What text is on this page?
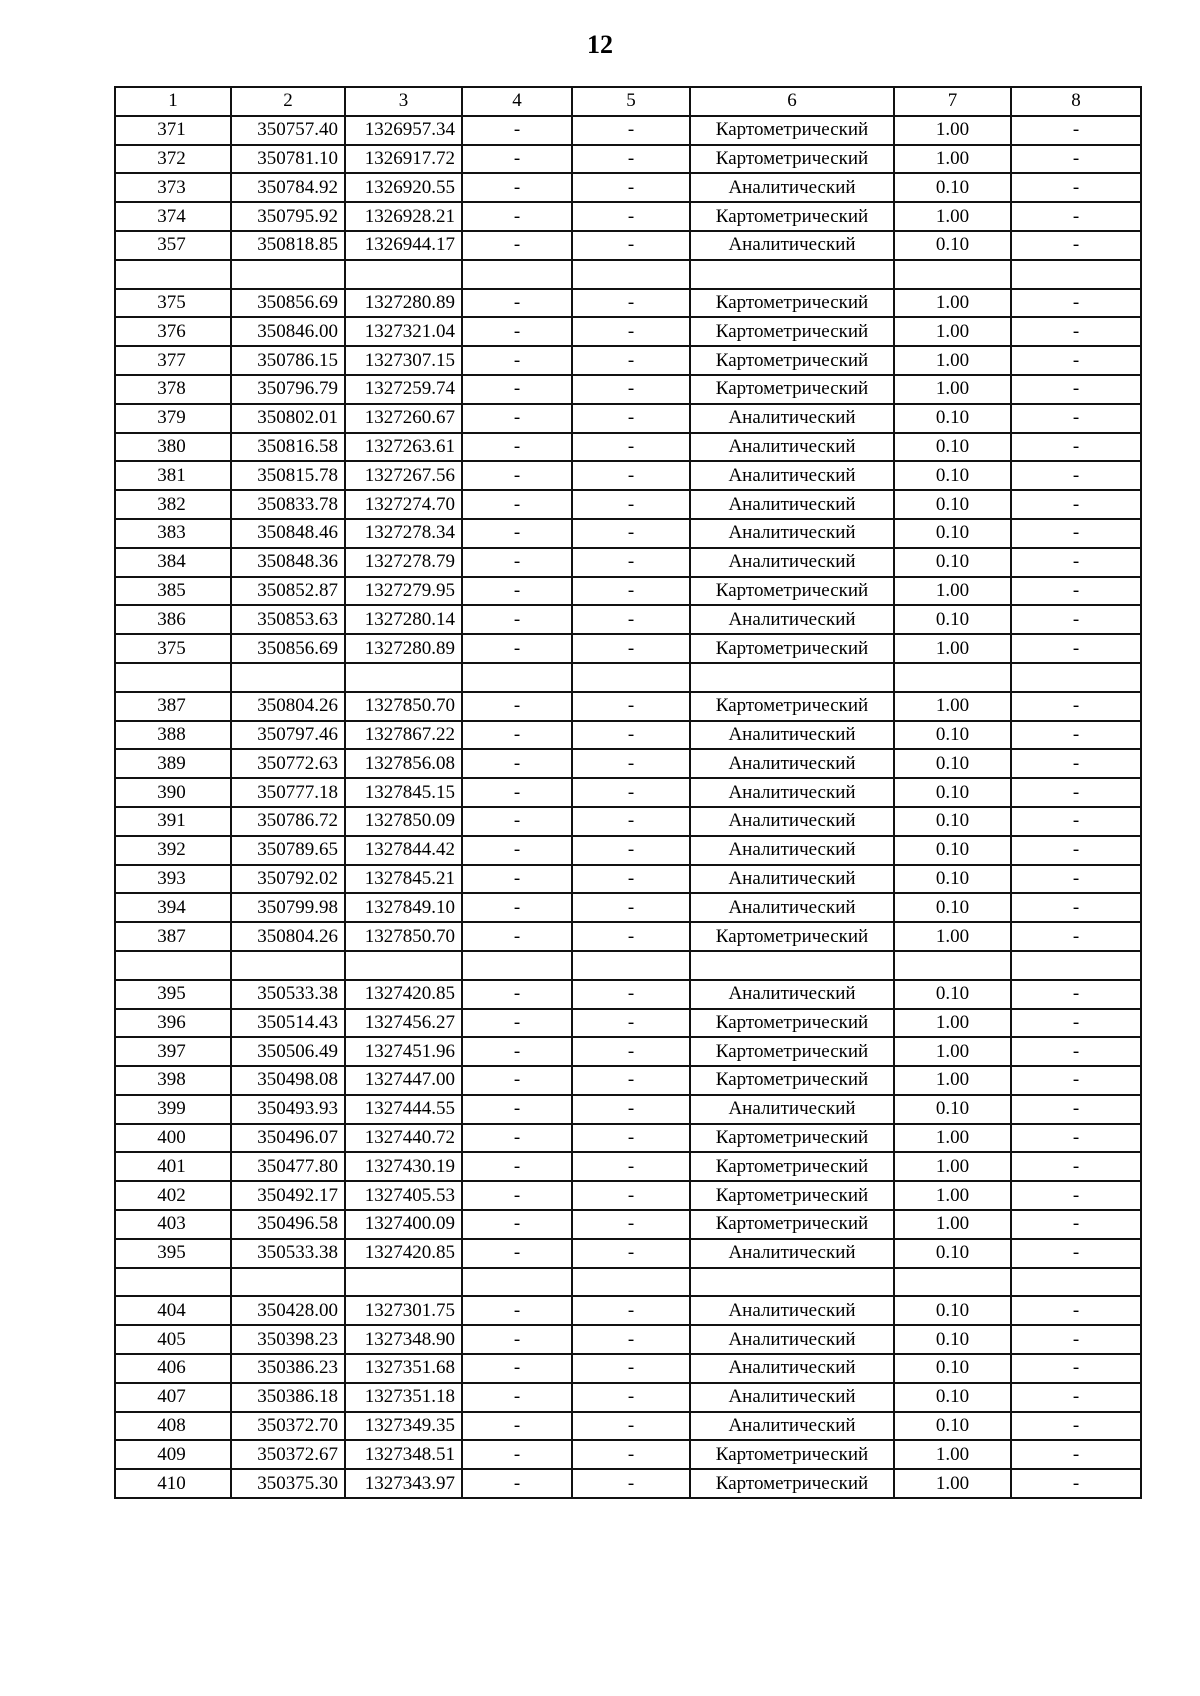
12
1	2	3	4	5	6	7	8
371	350757.40	1326957.34	-	-	Картометрический	1.00	-
372	350781.10	1326917.72	-	-	Картометрический	1.00	-
373	350784.92	1326920.55	-	-	Аналитический	0.10	-
374	350795.92	1326928.21	-	-	Картометрический	1.00	-
357	350818.85	1326944.17	-	-	Аналитический	0.10	-

375	350856.69	1327280.89	-	-	Картометрический	1.00	-
376	350846.00	1327321.04	-	-	Картометрический	1.00	-
377	350786.15	1327307.15	-	-	Картометрический	1.00	-
378	350796.79	1327259.74	-	-	Картометрический	1.00	-
379	350802.01	1327260.67	-	-	Аналитический	0.10	-
380	350816.58	1327263.61	-	-	Аналитический	0.10	-
381	350815.78	1327267.56	-	-	Аналитический	0.10	-
382	350833.78	1327274.70	-	-	Аналитический	0.10	-
383	350848.46	1327278.34	-	-	Аналитический	0.10	-
384	350848.36	1327278.79	-	-	Аналитический	0.10	-
385	350852.87	1327279.95	-	-	Картометрический	1.00	-
386	350853.63	1327280.14	-	-	Аналитический	0.10	-
375	350856.69	1327280.89	-	-	Картометрический	1.00	-

387	350804.26	1327850.70	-	-	Картометрический	1.00	-
388	350797.46	1327867.22	-	-	Аналитический	0.10	-
389	350772.63	1327856.08	-	-	Аналитический	0.10	-
390	350777.18	1327845.15	-	-	Аналитический	0.10	-
391	350786.72	1327850.09	-	-	Аналитический	0.10	-
392	350789.65	1327844.42	-	-	Аналитический	0.10	-
393	350792.02	1327845.21	-	-	Аналитический	0.10	-
394	350799.98	1327849.10	-	-	Аналитический	0.10	-
387	350804.26	1327850.70	-	-	Картометрический	1.00	-

395	350533.38	1327420.85	-	-	Аналитический	0.10	-
396	350514.43	1327456.27	-	-	Картометрический	1.00	-
397	350506.49	1327451.96	-	-	Картометрический	1.00	-
398	350498.08	1327447.00	-	-	Картометрический	1.00	-
399	350493.93	1327444.55	-	-	Аналитический	0.10	-
400	350496.07	1327440.72	-	-	Картометрический	1.00	-
401	350477.80	1327430.19	-	-	Картометрический	1.00	-
402	350492.17	1327405.53	-	-	Картометрический	1.00	-
403	350496.58	1327400.09	-	-	Картометрический	1.00	-
395	350533.38	1327420.85	-	-	Аналитический	0.10	-

404	350428.00	1327301.75	-	-	Аналитический	0.10	-
405	350398.23	1327348.90	-	-	Аналитический	0.10	-
406	350386.23	1327351.68	-	-	Аналитический	0.10	-
407	350386.18	1327351.18	-	-	Аналитический	0.10	-
408	350372.70	1327349.35	-	-	Аналитический	0.10	-
409	350372.67	1327348.51	-	-	Картометрический	1.00	-
410	350375.30	1327343.97	-	-	Картометрический	1.00	-
